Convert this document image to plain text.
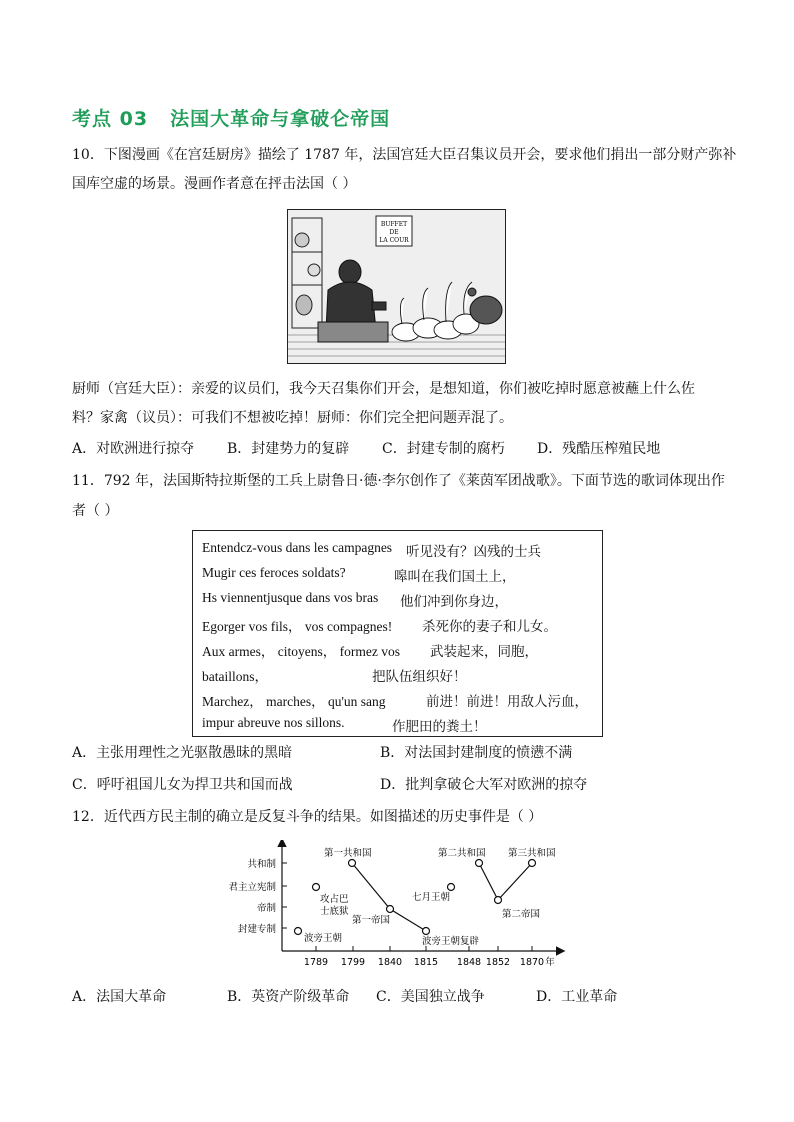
考点 03 法国大革命与拿破仑帝国
10．下图漫画《在宫廷厨房》描绘了 1787 年，法国宫廷大臣召集议员开会，要求他们捐出一部分财产弥补
国库空虚的场景。漫画作者意在抨击法国（ ）
BUFFET
DE
LA COUR
厨师（宫廷大臣）：亲爱的议员们，我今天召集你们开会，是想知道，你们被吃掉时愿意被蘸上什么佐
料？家禽（议员）：可我们不想被吃掉！厨师：你们完全把问题弄混了。
A．对欧洲进行掠夺 B．封建势力的复辟 C．封建专制的腐朽 D．残酷压榨殖民地
11．792 年，法国斯特拉斯堡的工兵上尉鲁日·德·李尔创作了《莱茵军团战歌》。下面节选的歌词体现出作
者（ ）
Entendcz-vous dans les campagnes 听见没有？凶残的士兵
Mugir ces feroces soldats?	嗥叫在我们国土上，
Hs viennentjusque dans vos bras 他们冲到你身边，
Egorger vos fils， vos compagnes! 杀死你的妻子和儿女。
Aux armes， citoyens， formez vos 武装起来，同胞，
bataillons，	把队伍组织好！
Marchez， marches， qu'un sang	前进！前进！用敌人污血，
impur abreuve nos sillons.	作肥田的粪土！
A．主张用理性之光驱散愚昧的黑暗	B．对法国封建制度的愤懑不满
C．呼吁祖国儿女为捍卫共和国而战	D．批判拿破仑大军对欧洲的掠夺
12．近代西方民主制的确立是反复斗争的结果。如图描述的历史事件是（ ）
共和制
君主立宪制
帝制
封建专制
1789 1799 1840 1815 1848 1852 1870 年
波旁王朝
攻占巴
士底狱
第一共和国
第一帝国
波旁王朝复辟
七月王朝
第二共和国
第二帝国
第三共和国
A．法国大革命	B．英资产阶级革命 C．美国独立战争	D．工业革命
